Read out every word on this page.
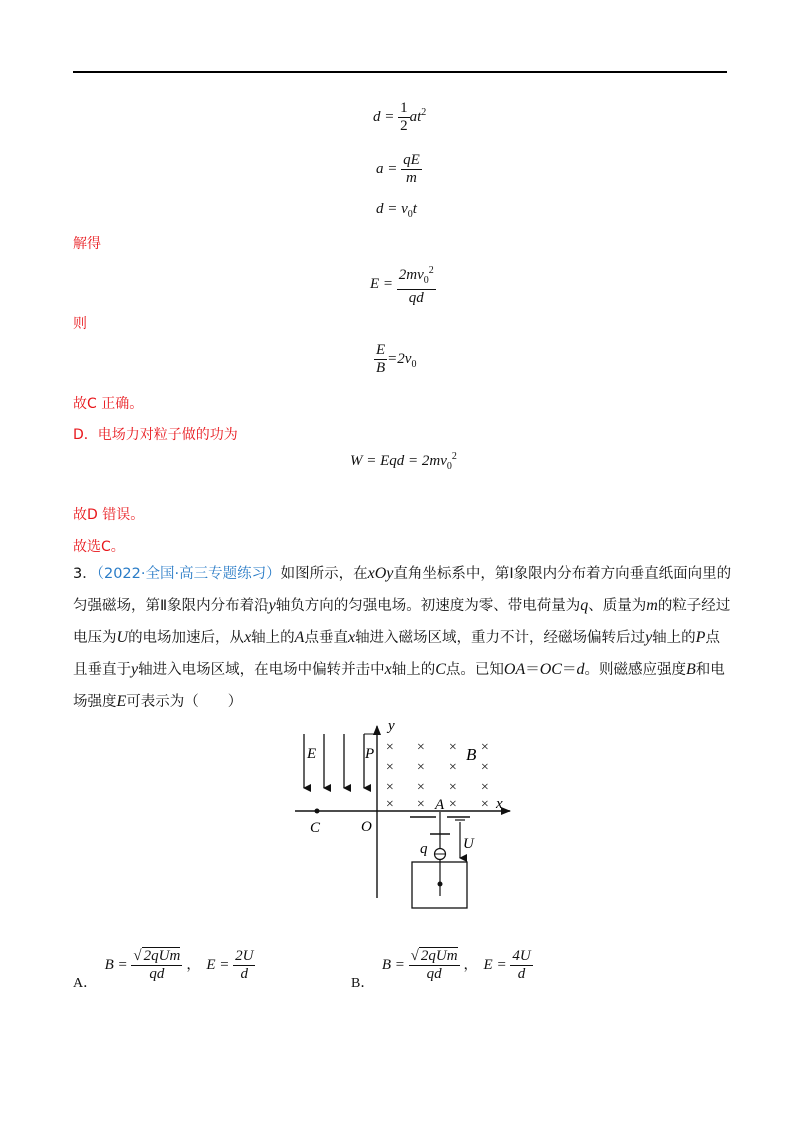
$d = \frac{1}{2} at^2$
$a = \frac{qE}{m}$
$d = v_0t$
解得
$E = \frac{2mv_0^2}{qd}$
则
$\frac{E}{B} =2v_0$
故C 正确。
D．电场力对粒子做的功为
W = Eqd = $2mv_0^2$
故D 错误。
故选C。
3．（2022·全国·高三专题练习）如图所示，在xOy直角坐标系中，第Ⅰ象限内分布着方向垂直纸面向里的匀强磁场，第Ⅱ象限内分布着沿y轴负方向的匀强电场。初速度为零、带电荷量为q、质量为m的粒子经过电压为U的电场加速后，从x轴上的A点垂直x轴进入磁场区域，重力不计，经磁场偏转后过y轴上的P点且垂直于y轴进入电场区域，在电场中偏转并击中x轴上的C点。已知OA＝OC＝d。则磁感应强度B和电场强度E可表示为（　　）
× × × ×
× × × ×
× × × ×
× × × ×
y
x
E	P	B
A
C	O
U
q
A． $B = \frac{\text{√ 2qUm}}{qd}$ ， $E = \frac{2U}{d}$
B． $B = \frac{\text{√ 2qUm}}{qd}$ ， $E = \frac{4U}{d}$
